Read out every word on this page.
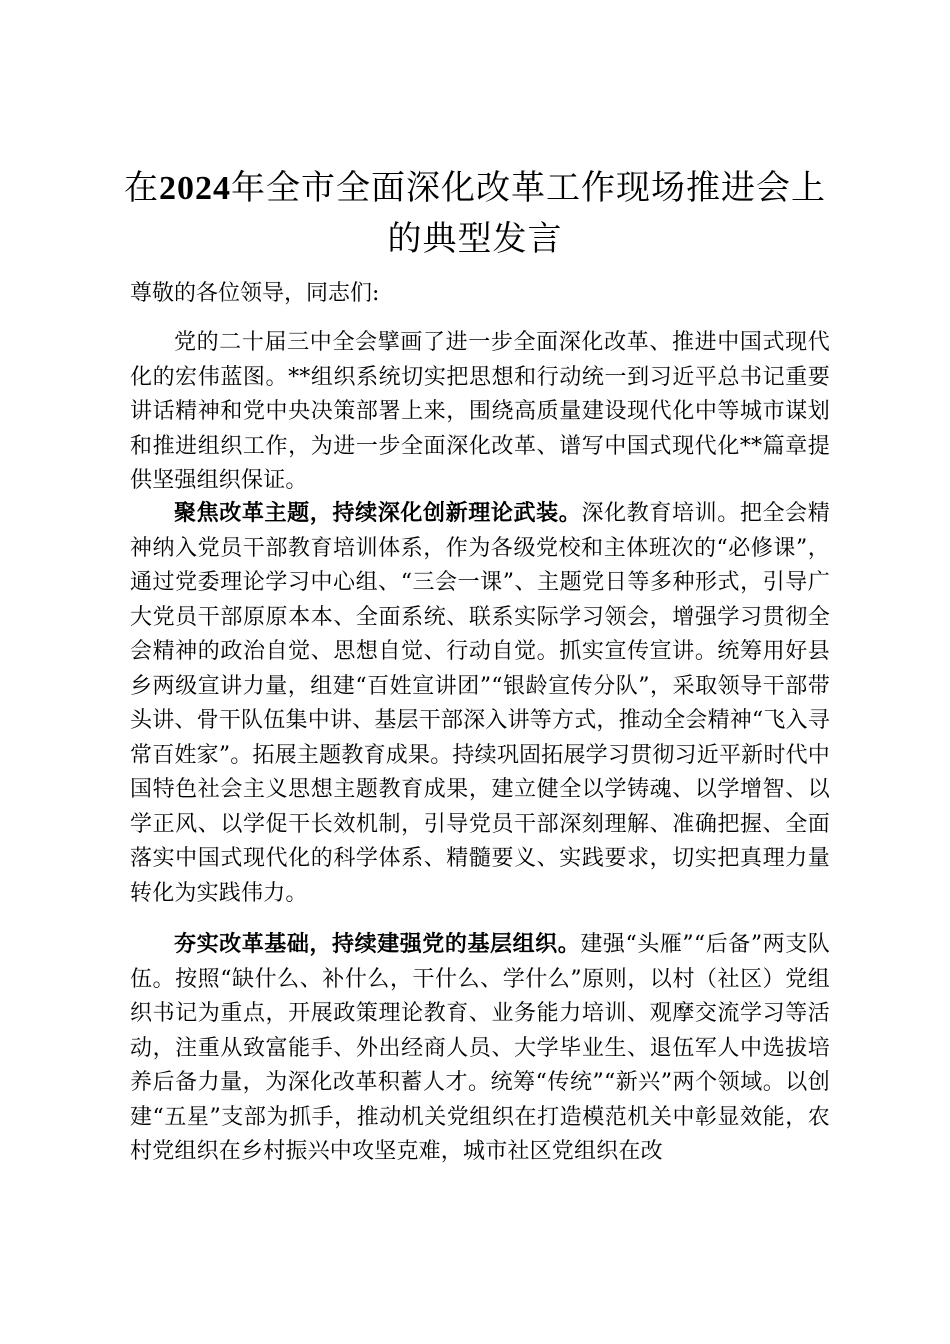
在2024年全市全面深化改革工作现场推进会上的典型发言

尊敬的各位领导，同志们:

党的二十届三中全会擘画了进一步全面深化改革、推进中国式现代化的宏伟蓝图。**组织系统切实把思想和行动统一到习近平总书记重要讲话精神和党中央决策部署上来，围绕高质量建设现代化中等城市谋划和推进组织工作，为进一步全面深化改革、谱写中国式现代化**篇章提供坚强组织保证。

聚焦改革主题，持续深化创新理论武装。深化教育培训。把全会精神纳入党员干部教育培训体系，作为各级党校和主体班次的“必修课”，通过党委理论学习中心组、“三会一课”、主题党日等多种形式，引导广大党员干部原原本本、全面系统、联系实际学习领会，增强学习贯彻全会精神的政治自觉、思想自觉、行动自觉。抓实宣传宣讲。统筹用好县乡两级宣讲力量，组建“百姓宣讲团”“银龄宣传分队”，采取领导干部带头讲、骨干队伍集中讲、基层干部深入讲等方式，推动全会精神“飞入寻常百姓家”。拓展主题教育成果。持续巩固拓展学习贯彻习近平新时代中国特色社会主义思想主题教育成果，建立健全以学铸魂、以学增智、以学正风、以学促干长效机制，引导党员干部深刻理解、准确把握、全面落实中国式现代化的科学体系、精髓要义、实践要求，切实把真理力量转化为实践伟力。

夯实改革基础，持续建强党的基层组织。建强“头雁”“后备”两支队伍。按照“缺什么、补什么，干什么、学什么”原则，以村（社区）党组织书记为重点，开展政策理论教育、业务能力培训、观摩交流学习等活动，注重从致富能手、外出经商人员、大学毕业生、退伍军人中选拔培养后备力量，为深化改革积蓄人才。统筹“传统”“新兴”两个领域。以创建“五星”支部为抓手，推动机关党组织在打造模范机关中彰显效能，农村党组织在乡村振兴中攻坚克难，城市社区党组织在改
